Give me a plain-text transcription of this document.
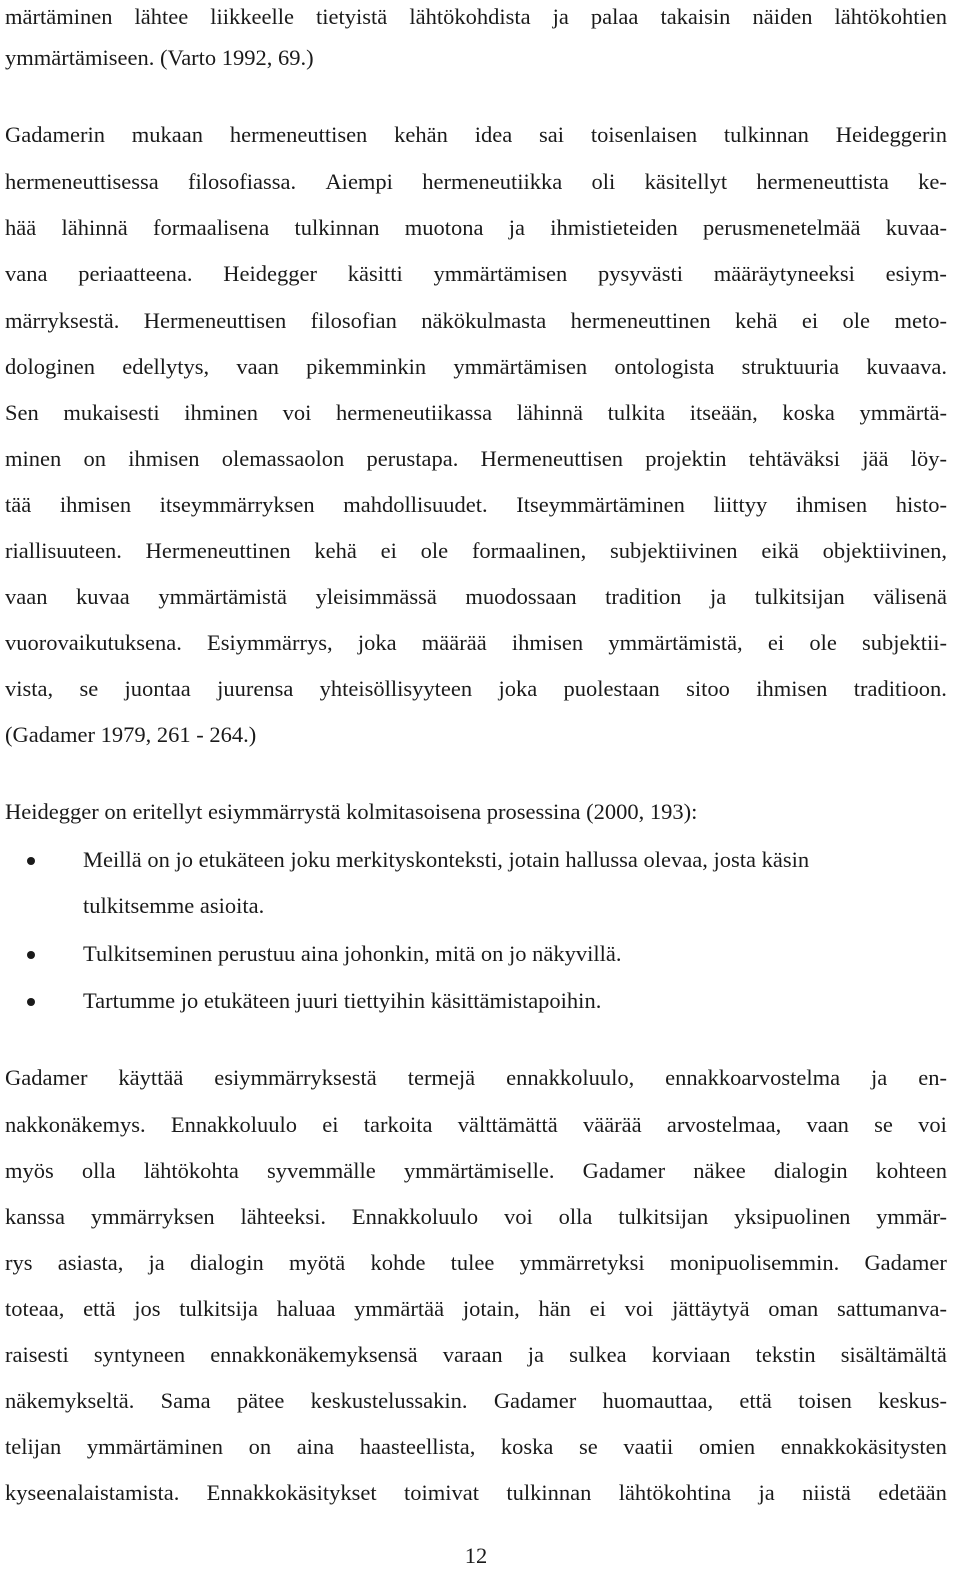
märtäminen lähtee liikkeelle tietyistä lähtökohdista ja palaa takaisin näiden lähtökohtien
ymmärtämiseen. (Varto 1992, 69.)
Gadamerin mukaan hermeneuttisen kehän idea sai toisenlaisen tulkinnan Heideggerin
hermeneuttisessa filosofiassa. Aiempi hermeneutiikka oli käsitellyt hermeneuttista ke-
hää lähinnä formaalisena tulkinnan muotona ja ihmistieteiden perusmenetelmää kuvaa-
vana periaatteena. Heidegger käsitti ymmärtämisen pysyvästi määräytyneeksi esiym-
märryksestä. Hermeneuttisen filosofian näkökulmasta hermeneuttinen kehä ei ole meto-
dologinen edellytys, vaan pikemminkin ymmärtämisen ontologista struktuuria kuvaava.
Sen mukaisesti ihminen voi hermeneutiikassa lähinnä tulkita itseään, koska ymmärtä-
minen on ihmisen olemassaolon perustapa. Hermeneuttisen projektin tehtäväksi jää löy-
tää ihmisen itseymmärryksen mahdollisuudet. Itseymmärtäminen liittyy ihmisen histo-
riallisuuteen. Hermeneuttinen kehä ei ole formaalinen, subjektiivinen eikä objektiivinen,
vaan kuvaa ymmärtämistä yleisimmässä muodossaan tradition ja tulkitsijan välisenä
vuorovaikutuksena. Esiymmärrys, joka määrää ihmisen ymmärtämistä, ei ole subjektii-
vista, se juontaa juurensa yhteisöllisyyteen joka puolestaan sitoo ihmisen traditioon.
(Gadamer 1979, 261 - 264.)
Heidegger on eritellyt esiymmärrystä kolmitasoisena prosessina (2000, 193):
Meillä on jo etukäteen joku merkityskonteksti, jotain hallussa olevaa, josta käsin
tulkitsemme asioita.
Tulkitseminen perustuu aina johonkin, mitä on jo näkyvillä.
Tartumme jo etukäteen juuri tiettyihin käsittämistapoihin.
Gadamer käyttää esiymmärryksestä termejä ennakkoluulo, ennakkoarvostelma ja en-
nakkonäkemys. Ennakkoluulo ei tarkoita välttämättä väärää arvostelmaa, vaan se voi
myös olla lähtökohta syvemmälle ymmärtämiselle. Gadamer näkee dialogin kohteen
kanssa ymmärryksen lähteeksi. Ennakkoluulo voi olla tulkitsijan yksipuolinen ymmär-
rys asiasta, ja dialogin myötä kohde tulee ymmärretyksi monipuolisemmin. Gadamer
toteaa, että jos tulkitsija haluaa ymmärtää jotain, hän ei voi jättäytyä oman sattumanva-
raisesti syntyneen ennakkonäkemyksensä varaan ja sulkea korviaan tekstin sisältämältä
näkemykseltä. Sama pätee keskustelussakin. Gadamer huomauttaa, että toisen keskus-
telijan ymmärtäminen on aina haasteellista, koska se vaatii omien ennakkokäsitysten
kyseenalaistamista. Ennakkokäsitykset toimivat tulkinnan lähtökohtina ja niistä edetään
12
